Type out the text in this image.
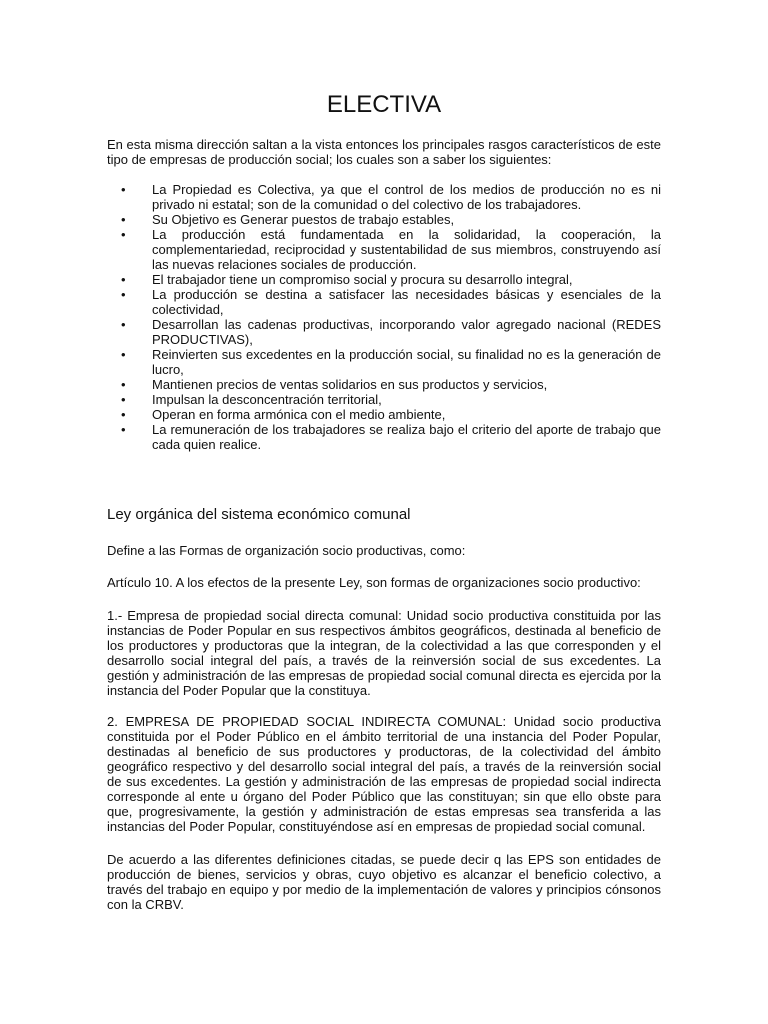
ELECTIVA

En esta misma dirección saltan a la vista entonces los principales rasgos característicos de este tipo de empresas de producción social; los cuales son a saber los siguientes:

• La Propiedad es Colectiva, ya que el control de los medios de producción no es ni privado ni estatal; son de la comunidad o del colectivo de los trabajadores.
• Su Objetivo es Generar puestos de trabajo estables,
• La producción está fundamentada en la solidaridad, la cooperación, la complementariedad, reciprocidad y sustentabilidad de sus miembros, construyendo así las nuevas relaciones sociales de producción.
• El trabajador tiene un compromiso social y procura su desarrollo integral,
• La producción se destina a satisfacer las necesidades básicas y esenciales de la colectividad,
• Desarrollan las cadenas productivas, incorporando valor agregado nacional (REDES PRODUCTIVAS),
• Reinvierten sus excedentes en la producción social, su finalidad no es la generación de lucro,
• Mantienen precios de ventas solidarios en sus productos y servicios,
• Impulsan la desconcentración territorial,
• Operan en forma armónica con el medio ambiente,
• La remuneración de los trabajadores se realiza bajo el criterio del aporte de trabajo que cada quien realice.
Ley orgánica del sistema económico comunal

Define a las Formas de organización socio productivas, como:

Artículo 10. A los efectos de la presente Ley, son formas de organizaciones socio productivo:

1.- Empresa de propiedad social directa comunal: Unidad socio productiva constituida por las instancias de Poder Popular en sus respectivos ámbitos geográficos, destinada al beneficio de los productores y productoras que la integran, de la colectividad a las que corresponden y el desarrollo social integral del país, a través de la reinversión social de sus excedentes. La gestión y administración de las empresas de propiedad social comunal directa es ejercida por la instancia del Poder Popular que la constituya.

2. EMPRESA DE PROPIEDAD SOCIAL INDIRECTA COMUNAL: Unidad socio productiva constituida por el Poder Público en el ámbito territorial de una instancia del Poder Popular, destinadas al beneficio de sus productores y productoras, de la colectividad del ámbito geográfico respectivo y del desarrollo social integral del país, a través de la reinversión social de sus excedentes. La gestión y administración de las empresas de propiedad social indirecta corresponde al ente u órgano del Poder Público que las constituyan; sin que ello obste para que, progresivamente, la gestión y administración de estas empresas sea transferida a las instancias del Poder Popular, constituyéndose así en empresas de propiedad social comunal.

De acuerdo a las diferentes definiciones citadas, se puede decir q las EPS son entidades de producción de bienes, servicios y obras, cuyo objetivo es alcanzar el beneficio colectivo, a través del trabajo en equipo y por medio de la implementación de valores y principios cónsonos con la CRBV.
